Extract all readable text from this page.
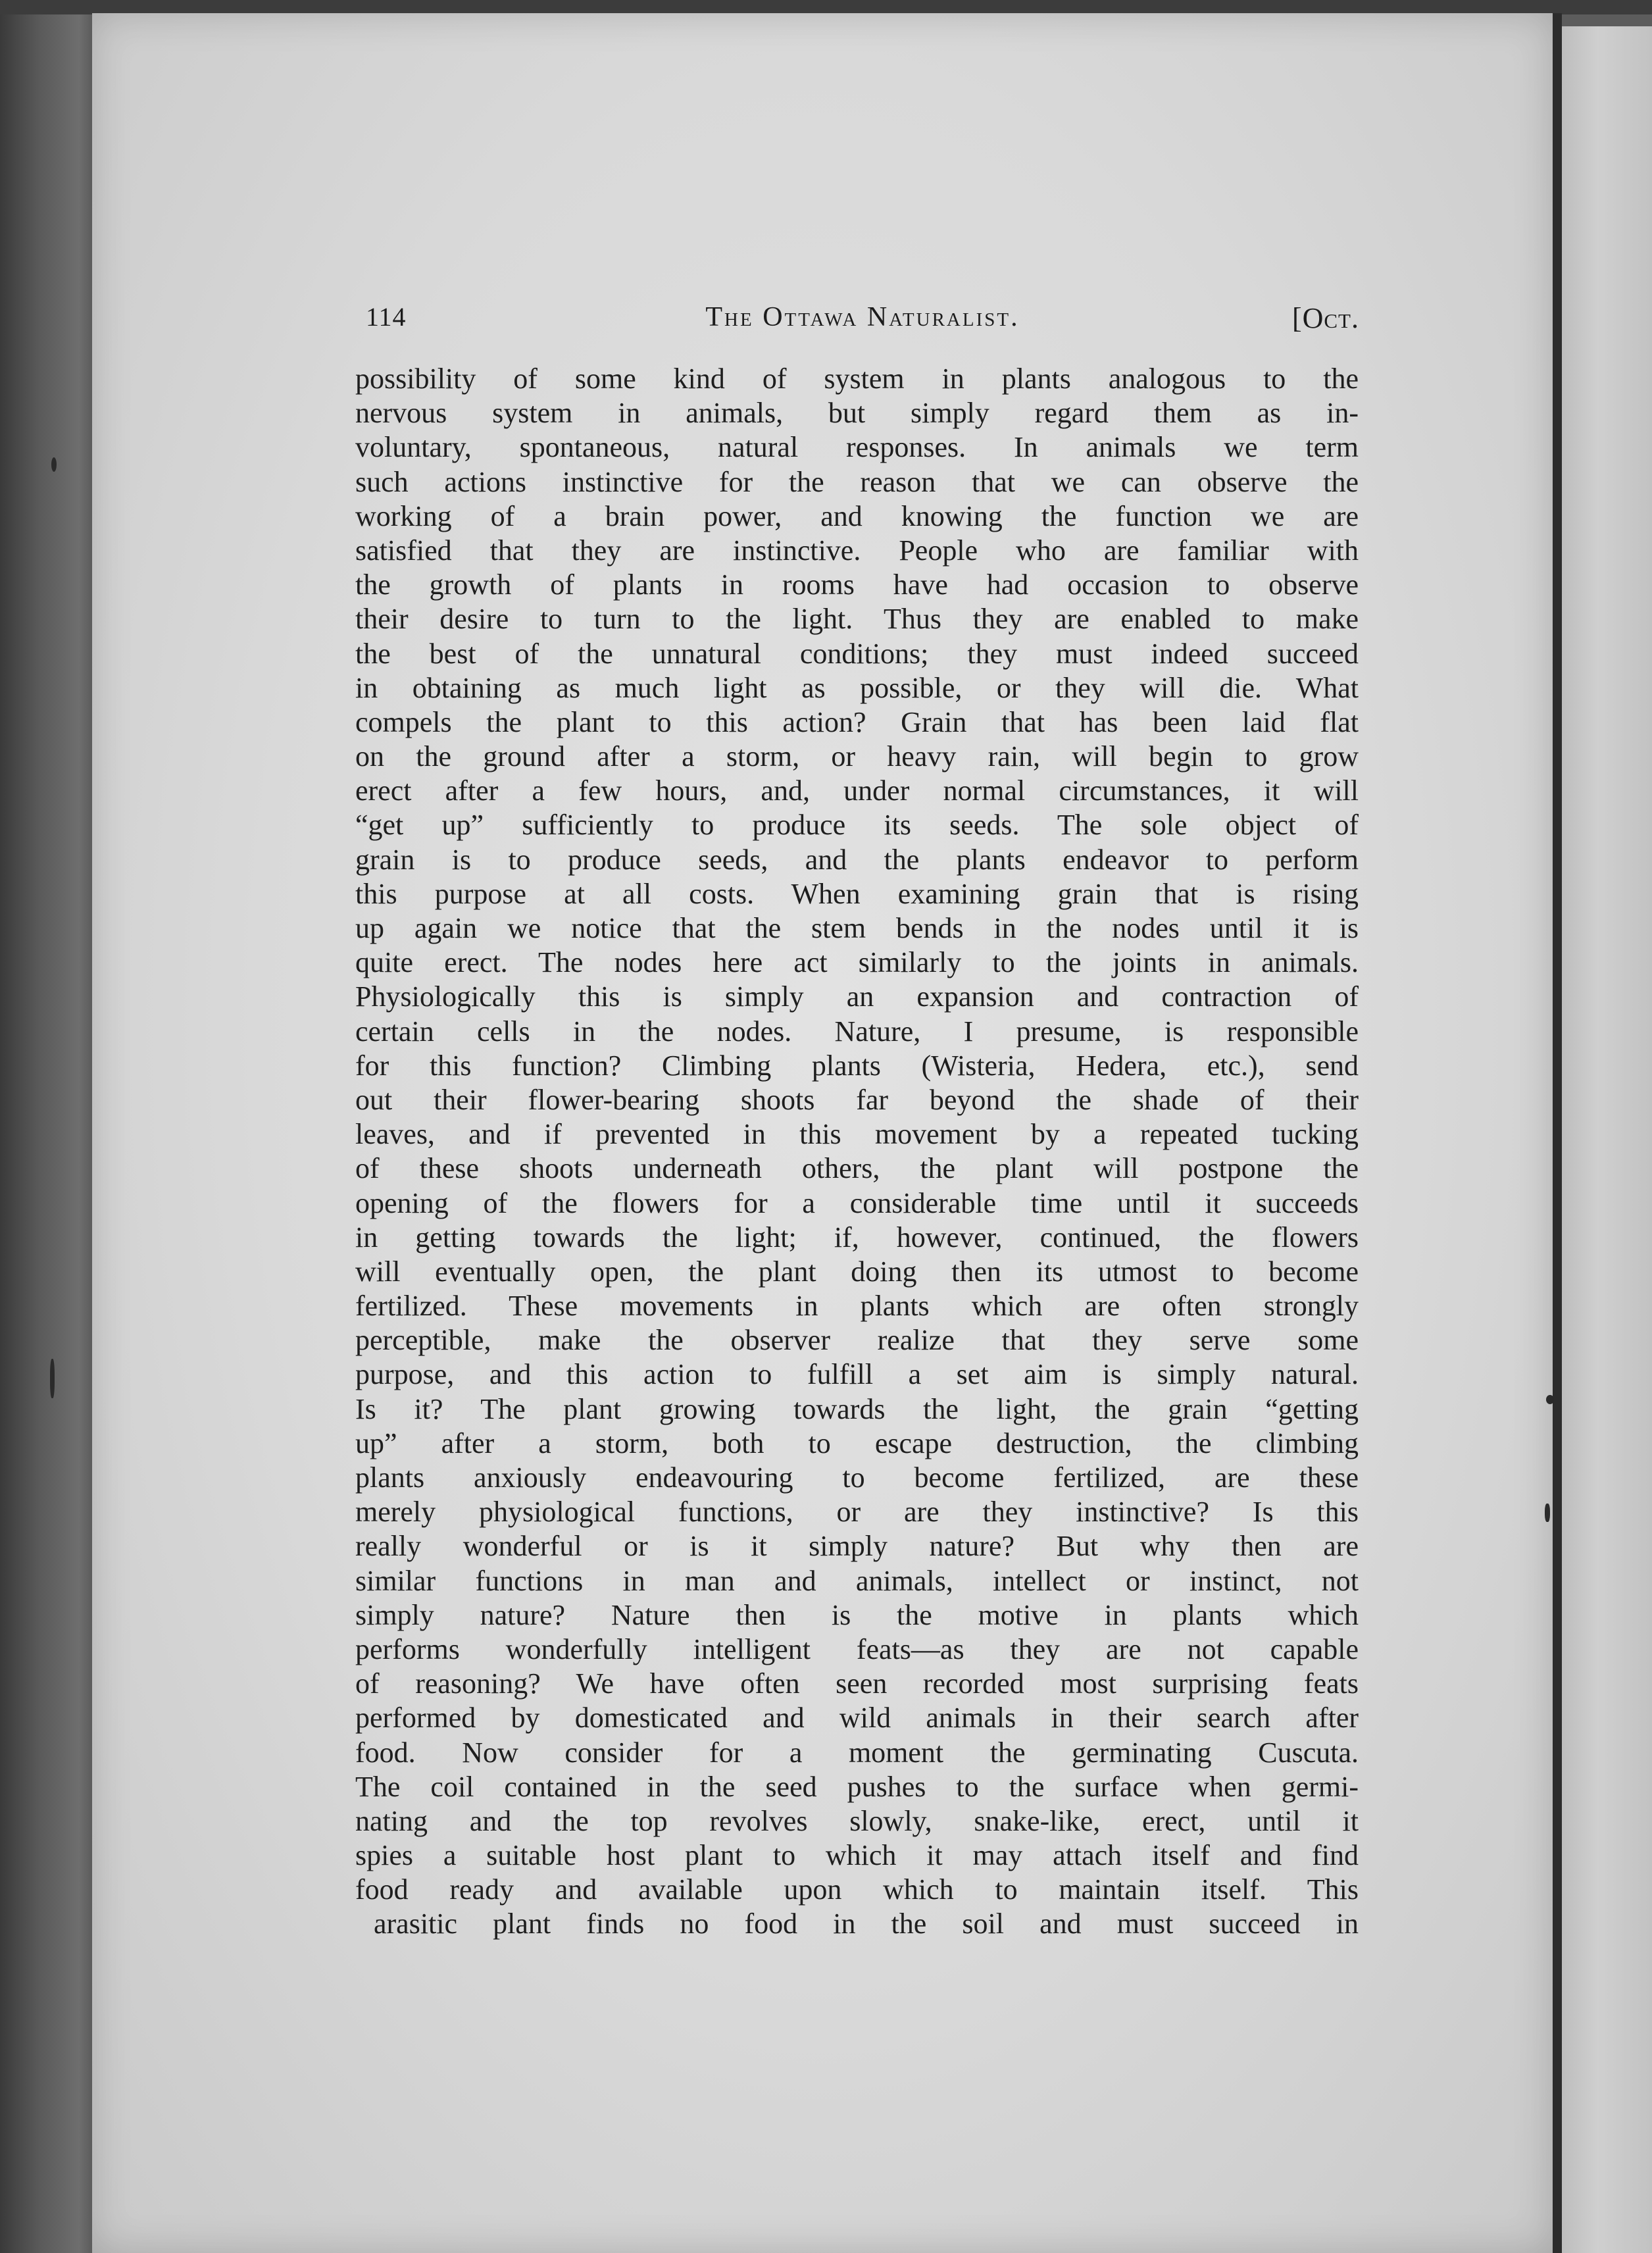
114	The Ottawa Naturalist.	[Oct.
possibility of some kind of system in plants analogous to the
nervous system in animals, but simply regard them as in-
voluntary, spontaneous, natural responses. In animals we term
such actions instinctive for the reason that we can observe the
working of a brain power, and knowing the function we are
satisfied that they are instinctive. People who are familiar with
the growth of plants in rooms have had occasion to observe
their desire to turn to the light. Thus they are enabled to make
the best of the unnatural conditions; they must indeed succeed
in obtaining as much light as possible, or they will die. What
compels the plant to this action? Grain that has been laid flat
on the ground after a storm, or heavy rain, will begin to grow
erect after a few hours, and, under normal circumstances, it will
“get up” sufficiently to produce its seeds. The sole object of
grain is to produce seeds, and the plants endeavor to perform
this purpose at all costs. When examining grain that is rising
up again we notice that the stem bends in the nodes until it is
quite erect. The nodes here act similarly to the joints in animals.
Physiologically this is simply an expansion and contraction of
certain cells in the nodes. Nature, I presume, is responsible
for this function? Climbing plants (Wisteria, Hedera, etc.), send
out their flower-bearing shoots far beyond the shade of their
leaves, and if prevented in this movement by a repeated tucking
of these shoots underneath others, the plant will postpone the
opening of the flowers for a considerable time until it succeeds
in getting towards the light; if, however, continued, the flowers
will eventually open, the plant doing then its utmost to become
fertilized. These movements in plants which are often strongly
perceptible, make the observer realize that they serve some
purpose, and this action to fulfill a set aim is simply natural.
Is it? The plant growing towards the light, the grain “getting
up” after a storm, both to escape destruction, the climbing
plants anxiously endeavouring to become fertilized, are these
merely physiological functions, or are they instinctive? Is this
really wonderful or is it simply nature? But why then are
similar functions in man and animals, intellect or instinct, not
simply nature? Nature then is the motive in plants which
performs wonderfully intelligent feats—as they are not capable
of reasoning? We have often seen recorded most surprising feats
performed by domesticated and wild animals in their search after
food. Now consider for a moment the germinating Cuscuta.
The coil contained in the seed pushes to the surface when germi-
nating and the top revolves slowly, snake-like, erect, until it
spies a suitable host plant to which it may attach itself and find
food ready and available upon which to maintain itself. This
arasitic plant finds no food in the soil and must succeed in
